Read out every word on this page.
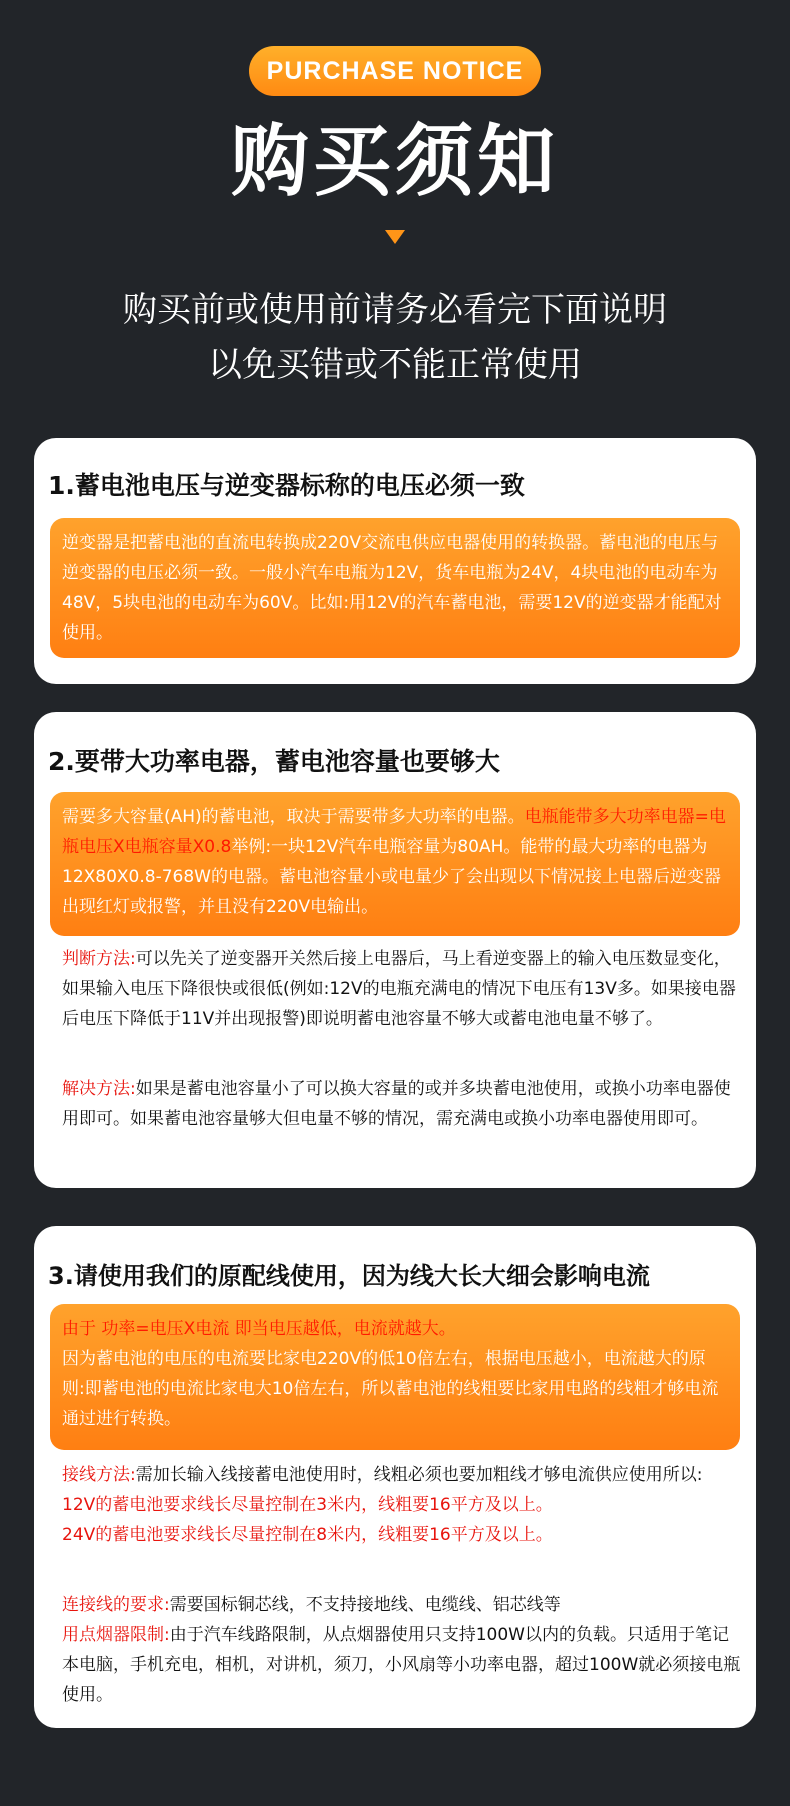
PURCHASE NOTICE
购买须知
购买前或使用前请务必看完下面说明
以免买错或不能正常使用
1.蓄电池电压与逆变器标称的电压必须一致
逆变器是把蓄电池的直流电转换成220V交流电供应电器使用的转换器。蓄电池的电压与逆变器的电压必须一致。一般小汽车电瓶为12V，货车电瓶为24V，4块电池的电动车为48V，5块电池的电动车为60V。比如:用12V的汽车蓄电池，需要12V的逆变器才能配对使用。
2.要带大功率电器，蓄电池容量也要够大
需要多大容量(AH)的蓄电池，取决于需要带多大功率的电器。电瓶能带多大功率电器=电瓶电压X电瓶容量X0.8举例:一块12V汽车电瓶容量为80AH。能带的最大功率的电器为12X80X0.8-768W的电器。蓄电池容量小或电量少了会出现以下情况接上电器后逆变器出现红灯或报警，并且没有220V电输出。
判断方法:可以先关了逆变器开关然后接上电器后，马上看逆变器上的输入电压数显变化，如果输入电压下降很快或很低(例如:12V的电瓶充满电的情况下电压有13V多。如果接电器后电压下降低于11V并出现报警)即说明蓄电池容量不够大或蓄电池电量不够了。
解决方法:如果是蓄电池容量小了可以换大容量的或并多块蓄电池使用，或换小功率电器使用即可。如果蓄电池容量够大但电量不够的情况，需充满电或换小功率电器使用即可。
3.请使用我们的原配线使用，因为线大长大细会影响电流
由于 功率=电压X电流 即当电压越低，电流就越大。
因为蓄电池的电压的电流要比家电220V的低10倍左右，根据电压越小，电流越大的原则:即蓄电池的电流比家电大10倍左右，所以蓄电池的线粗要比家用电路的线粗才够电流通过进行转换。
接线方法:需加长输入线接蓄电池使用时，线粗必须也要加粗线才够电流供应使用所以:
12V的蓄电池要求线长尽量控制在3米内，线粗要16平方及以上。
24V的蓄电池要求线长尽量控制在8米内，线粗要16平方及以上。
连接线的要求:需要国标铜芯线，不支持接地线、电缆线、铝芯线等
用点烟器限制:由于汽车线路限制，从点烟器使用只支持100W以内的负载。只适用于笔记本电脑，手机充电，相机，对讲机，须刀，小风扇等小功率电器，超过100W就必须接电瓶使用。
